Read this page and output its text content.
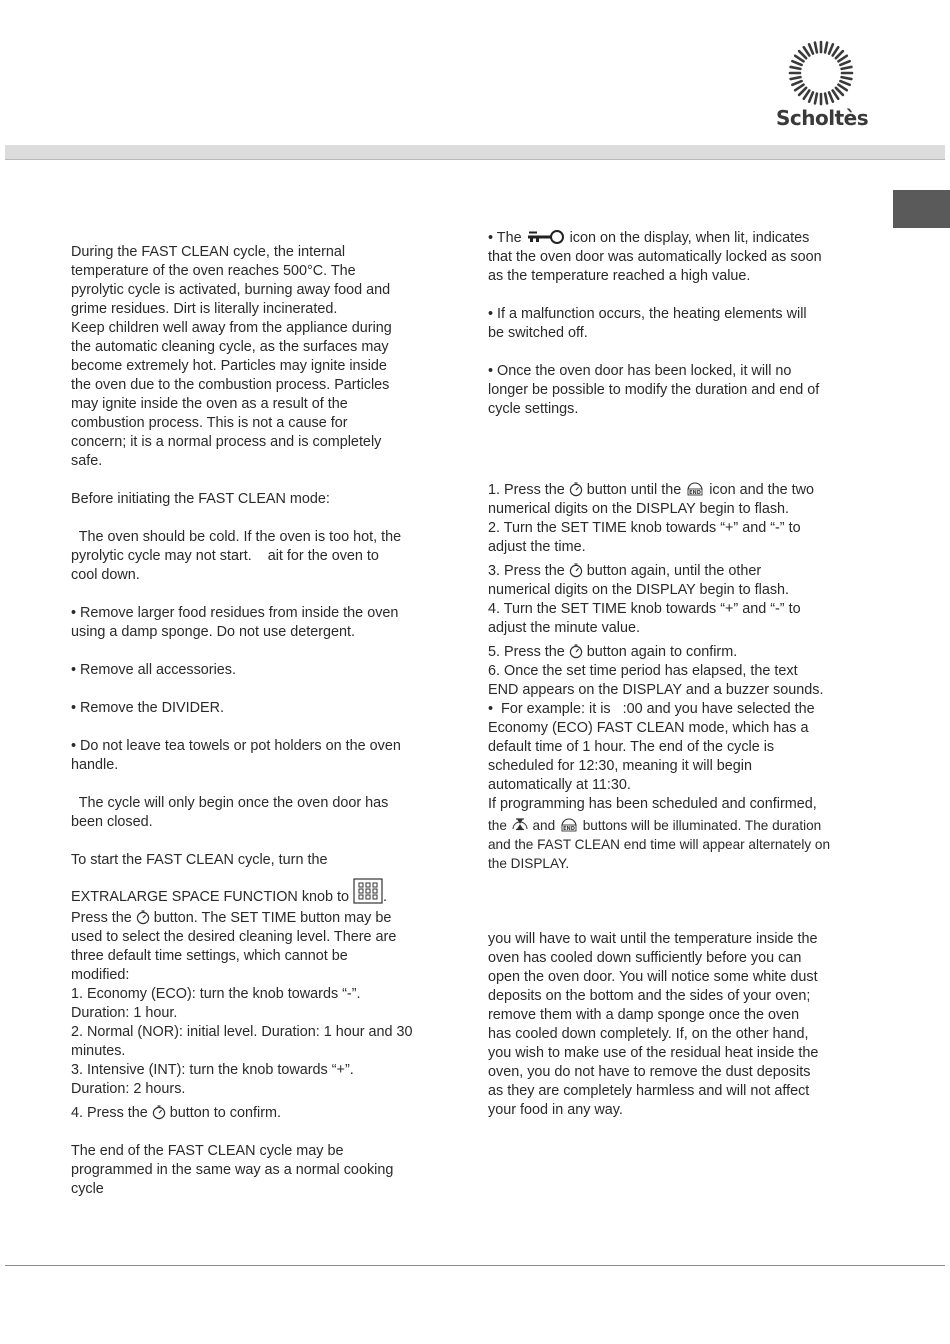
Scholtès

During the FAST CLEAN cycle, the internal

temperature of the oven reaches 500°C. The

pyrolytic cycle is activated, burning away food and

grime residues. Dirt is literally incinerated.

Keep children well away from the appliance during

the automatic cleaning cycle, as the surfaces may

become extremely hot. Particles may ignite inside

the oven due to the combustion process. Particles

may ignite inside the oven as a result of the

combustion process. This is not a cause for

concern; it is a normal process and is completely

safe.

Before initiating the FAST CLEAN mode:

The oven should be cold. If the oven is too hot, the

pyrolytic cycle may not start.    ait for the oven to

cool down.

• Remove larger food residues from inside the oven

using a damp sponge. Do not use detergent.

• Remove all accessories.

• Remove the DIVIDER.

• Do not leave tea towels or pot holders on the oven

handle.

The cycle will only begin once the oven door has

been closed.

To start the FAST CLEAN cycle, turn the

EXTRALARGE SPACE FUNCTION knob to
.

Press the
button. The SET TIME button may be

used to select the desired cleaning level. There are

three default time settings, which cannot be

modified:

1. Economy (ECO): turn the knob towards “-”.

Duration: 1 hour.

2. Normal (NOR): initial level. Duration: 1 hour and 30

minutes.

3. Intensive (INT): turn the knob towards “+”.

Duration: 2 hours.

4. Press the
button to confirm.

The end of the FAST CLEAN cycle may be

programmed in the same way as a normal cooking

cycle

• The	icon on the display, when lit, indicates

that the oven door was automatically locked as soon

as the temperature reached a high value.

• If a malfunction occurs, the heating elements will

be switched off.

• Once the oven door has been locked, it will no

longer be possible to modify the duration and end of

cycle settings.

1. Press the
button until the END icon and the two

numerical digits on the DISPLAY begin to flash.

2. Turn the SET TIME knob towards “+” and “-” to

adjust the time.

3. Press the
button again, until the other

numerical digits on the DISPLAY begin to flash.

4. Turn the SET TIME knob towards “+” and “-” to

adjust the minute value.

5. Press the
button again to confirm.

6. Once the set time period has elapsed, the text

END appears on the DISPLAY and a buzzer sounds.

•  For example: it is   :00 and you have selected the

Economy (ECO) FAST CLEAN mode, which has a

default time of 1 hour. The end of the cycle is

scheduled for 12:30, meaning it will begin

automatically at 11:30.

If programming has been scheduled and confirmed,

the
and END buttons will be illuminated. The duration

and the FAST CLEAN end time will appear alternately on

the DISPLAY.

you will have to wait until the temperature inside the

oven has cooled down sufficiently before you can

open the oven door. You will notice some white dust

deposits on the bottom and the sides of your oven;

remove them with a damp sponge once the oven

has cooled down completely. If, on the other hand,

you wish to make use of the residual heat inside the

oven, you do not have to remove the dust deposits

as they are completely harmless and will not affect

your food in any way.
